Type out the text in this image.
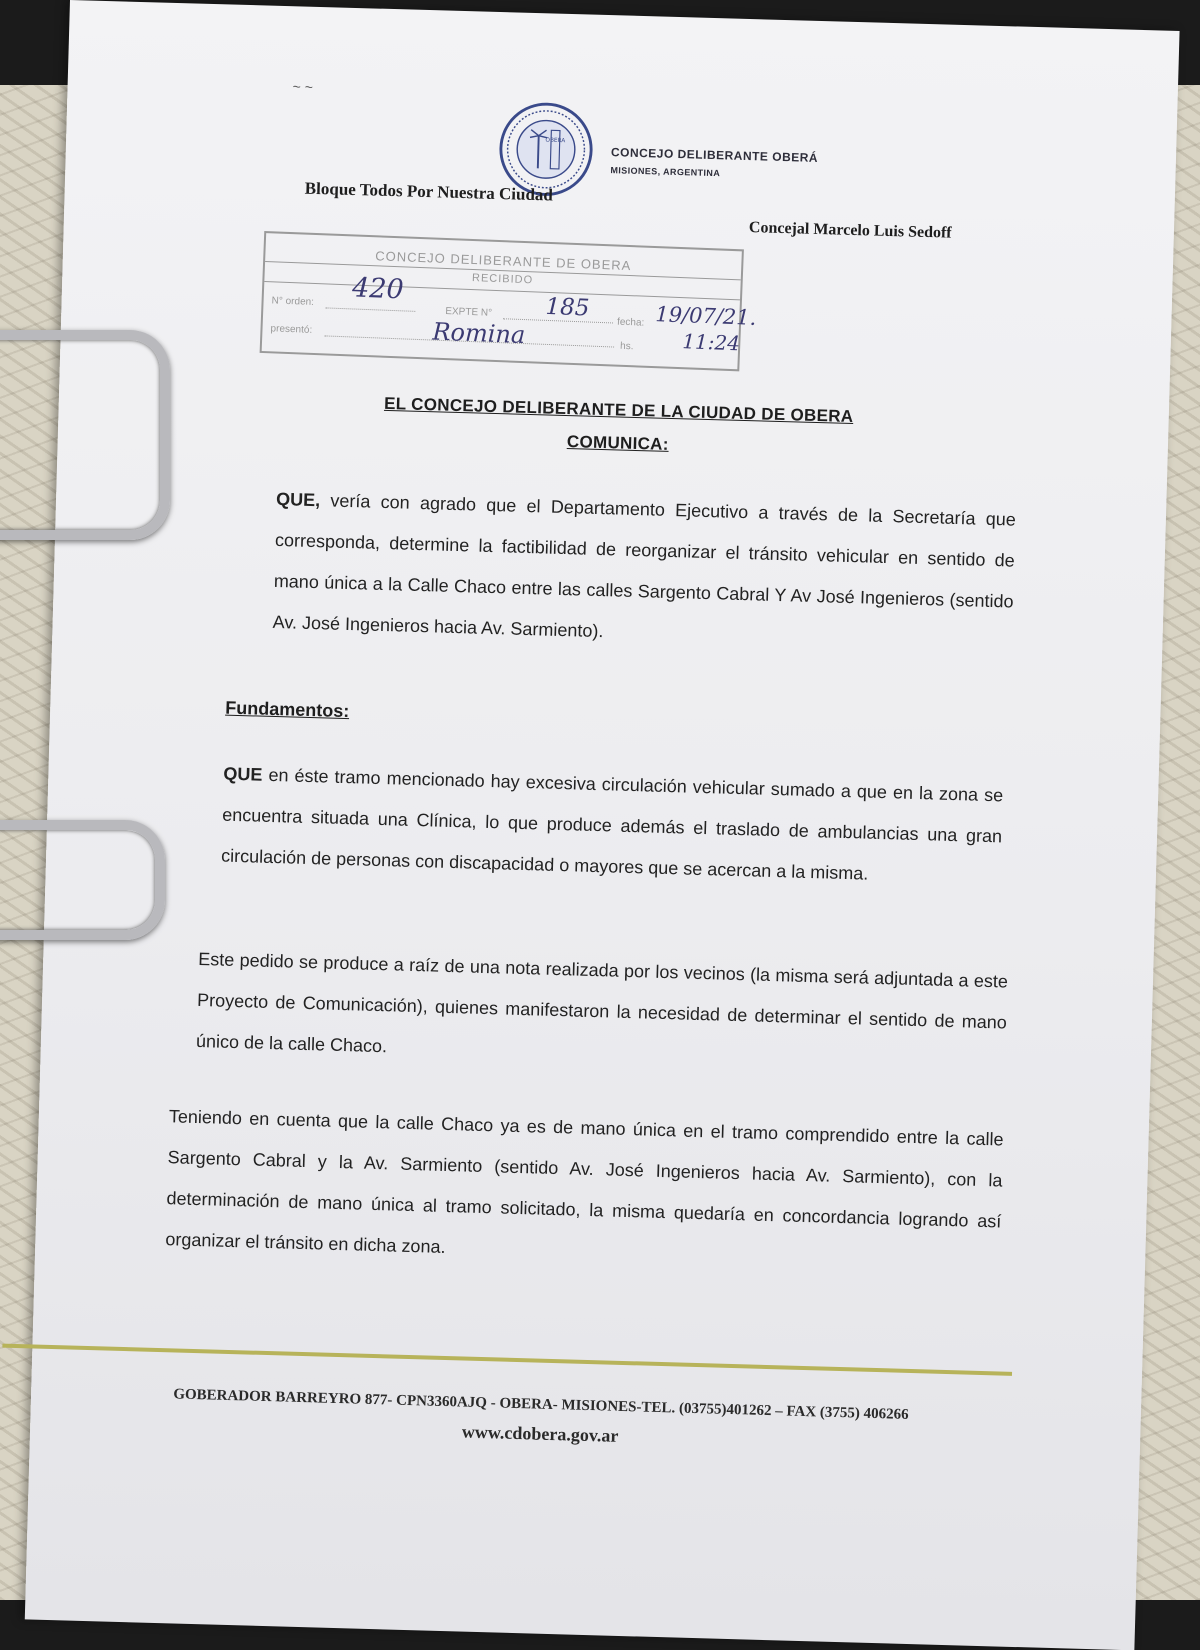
~ ~
OBERA
CONCEJO DELIBERANTE OBERÁ
MISIONES, ARGENTINA
Bloque Todos Por Nuestra Ciudad
Concejal Marcelo Luis Sedoff
CONCEJO DELIBERANTE DE OBERA
RECIBIDO
N° orden:
EXPTE N°
fecha:
presentó:
hs.
420
185	19/07/21.
Romina	11:24
EL CONCEJO DELIBERANTE DE LA CIUDAD DE OBERA
COMUNICA:
QUE, vería con agrado que el Departamento Ejecutivo a través de la Secretaría que corresponda, determine la factibilidad de reorganizar el tránsito vehicular en sentido de mano única a la Calle Chaco entre las calles Sargento Cabral Y Av José Ingenieros (sentido Av. José Ingenieros hacia Av. Sarmiento).
Fundamentos:
QUE en éste tramo mencionado hay excesiva circulación vehicular sumado a que en la zona se encuentra situada una Clínica, lo que produce además el traslado de ambulancias una gran circulación de personas con discapacidad o mayores que se acercan a la misma.
Este pedido se produce a raíz de una nota realizada por los vecinos (la misma será adjuntada a este Proyecto de Comunicación), quienes manifestaron la necesidad de determinar el sentido de mano único de la calle Chaco.
Teniendo en cuenta que la calle Chaco ya es de mano única en el tramo comprendido entre la calle Sargento Cabral y la Av. Sarmiento (sentido Av. José Ingenieros hacia Av. Sarmiento), con la determinación de mano única al tramo solicitado, la misma quedaría en concordancia logrando así organizar el tránsito en dicha zona.
GOBERADOR BARREYRO 877- CPN3360AJQ - OBERA- MISIONES-TEL. (03755)401262 – FAX (3755) 406266
www.cdobera.gov.ar
